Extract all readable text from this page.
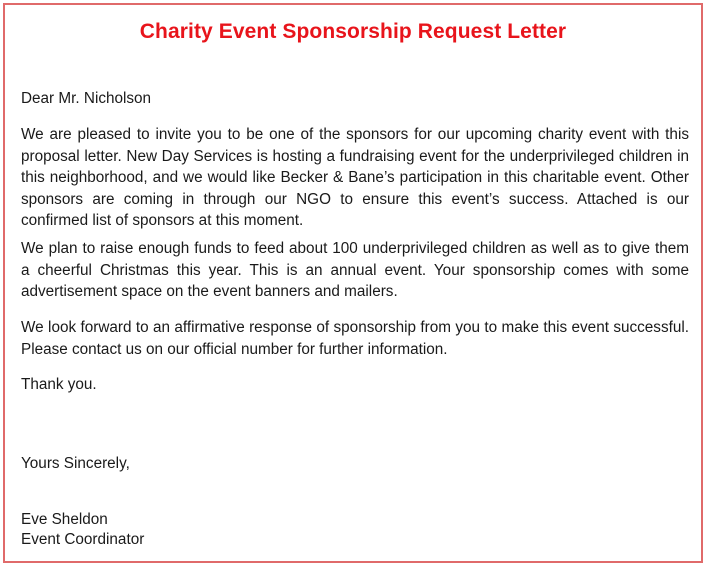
Charity Event Sponsorship Request Letter
Dear Mr. Nicholson
We are pleased to invite you to be one of the sponsors for our upcoming charity event with this proposal letter. New Day Services is hosting a fundraising event for the underprivileged children in this neighborhood, and we would like Becker & Bane’s participation in this charitable event. Other sponsors are coming in through our NGO to ensure this event’s success. Attached is our confirmed list of sponsors at this moment.
We plan to raise enough funds to feed about 100 underprivileged children as well as to give them a cheerful Christmas this year. This is an annual event. Your sponsorship comes with some advertisement space on the event banners and mailers.
We look forward to an affirmative response of sponsorship from you to make this event successful. Please contact us on our official number for further information.
Thank you.
Yours Sincerely,
Eve Sheldon
Event Coordinator
